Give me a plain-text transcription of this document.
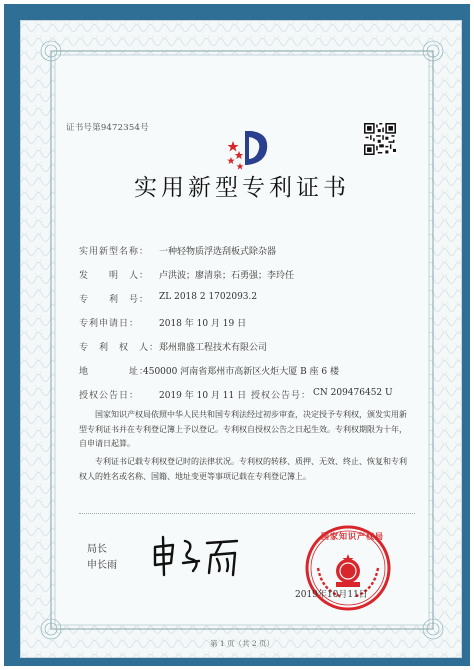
证书号第9472354号
实用新型专利证书
实用新型名称： 一种轻物质浮选刮板式除杂器
发　　明　人： 卢洪波；廖清泉；石勇强；李玲任
专　　利　号： ZL 2018 2 1702093.2
专利申请日： 2018 年 10 月 19 日
专　利　权　人： 郑州鼎盛工程技术有限公司
地　　　　址：
450000 河南省郑州市高新区火炬大厦 B 座 6 楼
授权公告日： 2019 年 10 月 11 日 授权公告号： CN 209476452 U
国家知识产权局依照中华人民共和国专利法经过初步审查，决定授予专利权，颁发实用新型专利证书并在专利登记簿上予以登记。专利权自授权公告之日起生效。专利权期限为十年，自申请日起算。
专利证书记载专利权登记时的法律状况。专利权的转移、质押、无效、终止、恢复和专利权人的姓名或名称、国籍、地址变更等事项记载在专利登记簿上。
局长
申长雨
国家知识产权局
2019年10月11日
第 1 页（共 2 页）
